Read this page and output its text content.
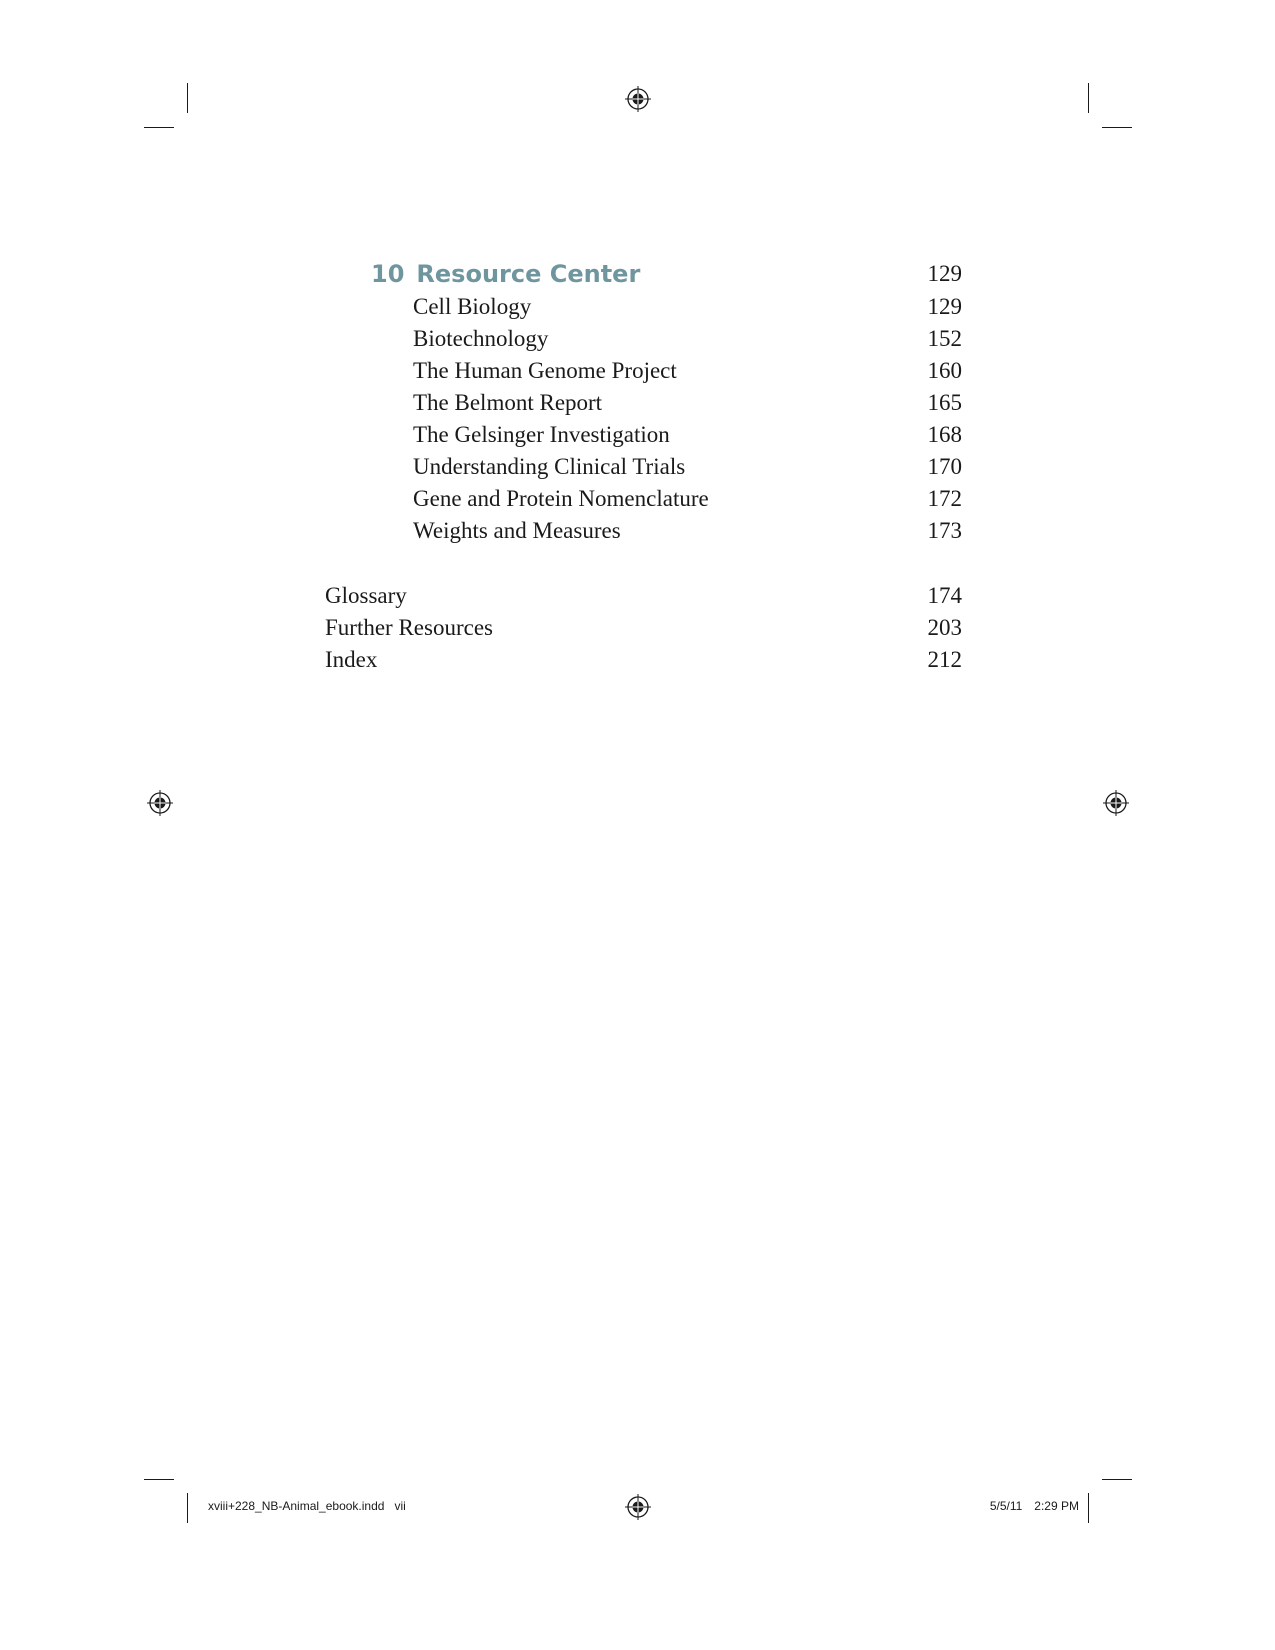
10 Resource Center	129
Cell Biology	129
Biotechnology	152
The Human Genome Project	160
The Belmont Report	165
The Gelsinger Investigation	168
Understanding Clinical Trials	170
Gene and Protein Nomenclature	172
Weights and Measures	173
Glossary	174
Further Resources	203
Index	212
xviii+228_NB-Animal_ebook.indd vii	5/5/11 2:29 PM
